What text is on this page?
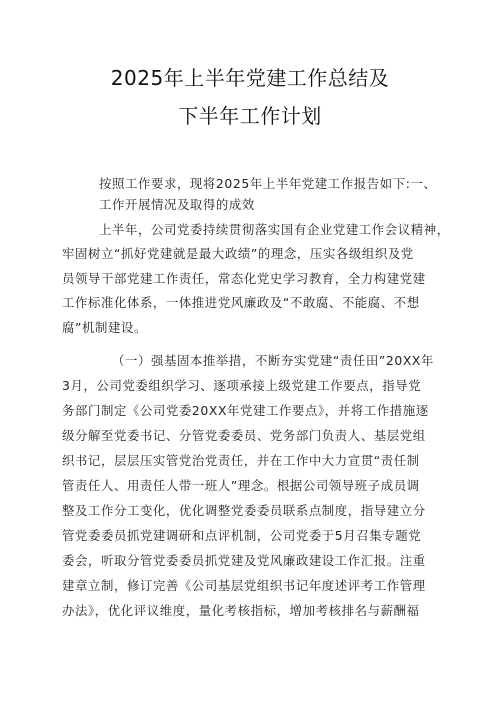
2025年上半年党建工作总结及
下半年工作计划

按照工作要求，现将2025年上半年党建工作报告如下:一、

工作开展情况及取得的成效

上半年，公司党委持续贯彻落实国有企业党建工作会议精神，

牢固树立“抓好党建就是最大政绩”的理念，压实各级组织及党

员领导干部党建工作责任，常态化党史学习教育，全力构建党建

工作标准化体系，一体推进党风廉政及“不敢腐、不能腐、不想

腐”机制建设。

（一）强基固本推举措，不断夯实党建“责任田”20XX年

3月，公司党委组织学习、逐项承接上级党建工作要点，指导党

务部门制定《公司党委20XX年党建工作要点》，并将工作措施逐

级分解至党委书记、分管党委委员、党务部门负责人、基层党组

织书记，层层压实管党治党责任，并在工作中大力宣贯“责任制

管责任人、用责任人带一班人”理念。根据公司领导班子成员调

整及工作分工变化，优化调整党委委员联系点制度，指导建立分

管党委委员抓党建调研和点评机制，公司党委于5月召集专题党

委会，听取分管党委委员抓党建及党风廉政建设工作汇报。注重

建章立制，修订完善《公司基层党组织书记年度述评考工作管理

办法》，优化评议维度，量化考核指标，增加考核排名与薪酬福
